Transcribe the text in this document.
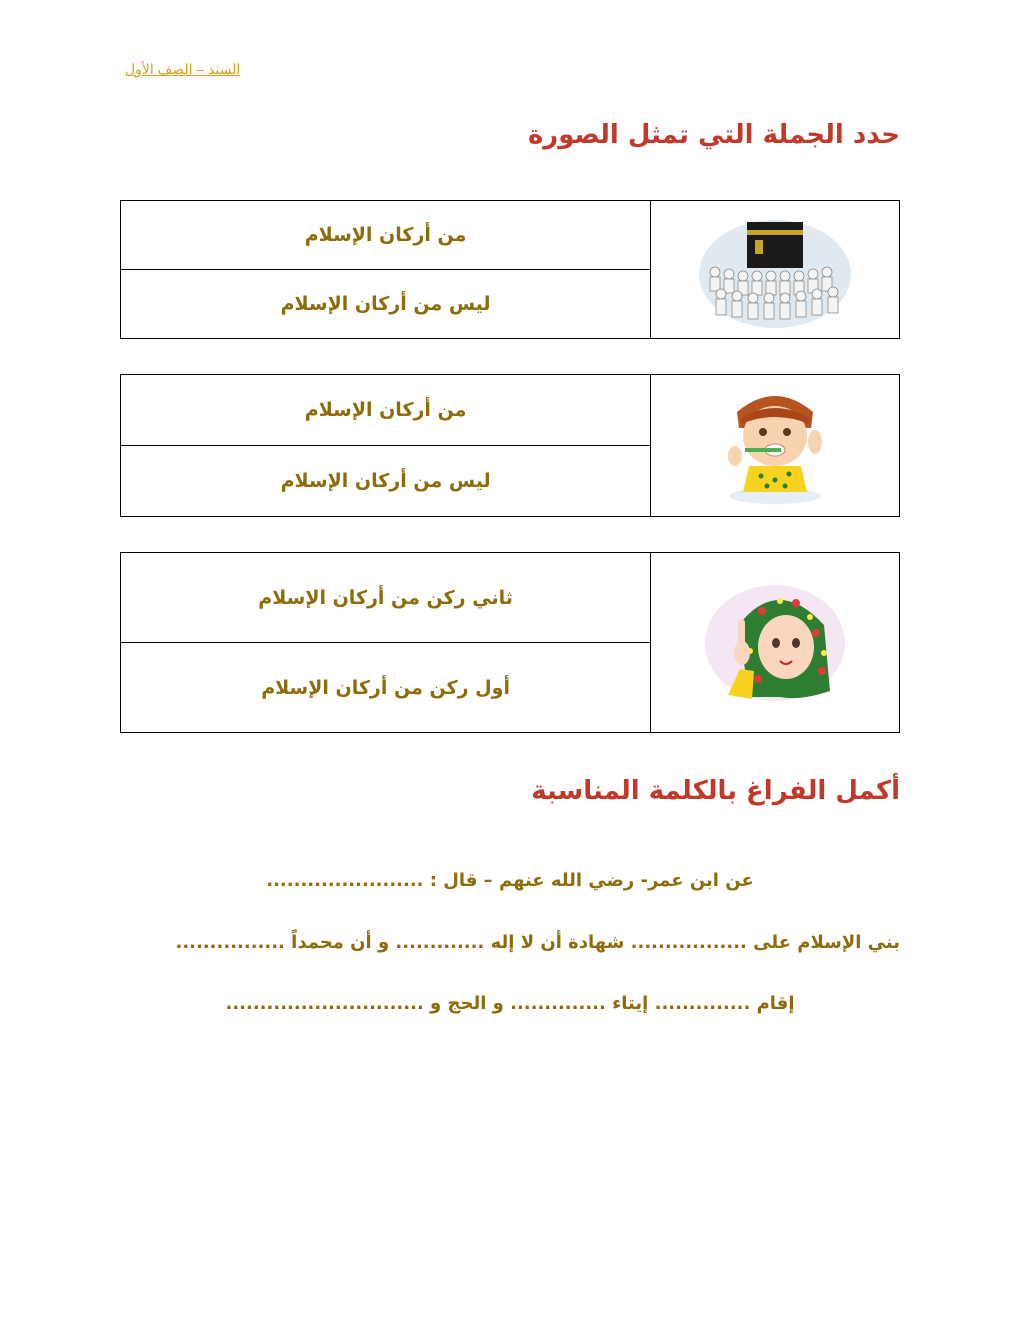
السند – الصف الأول
حدد الجملة التي تمثل الصورة
من أركان الإسلام	

ليس من أركان الإسلام
من أركان الإسلام	

ليس من أركان الإسلام
ثاني ركن من أركان الإسلام	

أول ركن من أركان الإسلام
أكمل الفراغ بالكلمة المناسبة
عن ابن عمر- رضي الله عنهم – قال : .......................
بني الإسلام على ................. شهادة أن لا إله ............. و أن محمداً ................
إقام .............. إيتاء .............. و الحج و .............................
